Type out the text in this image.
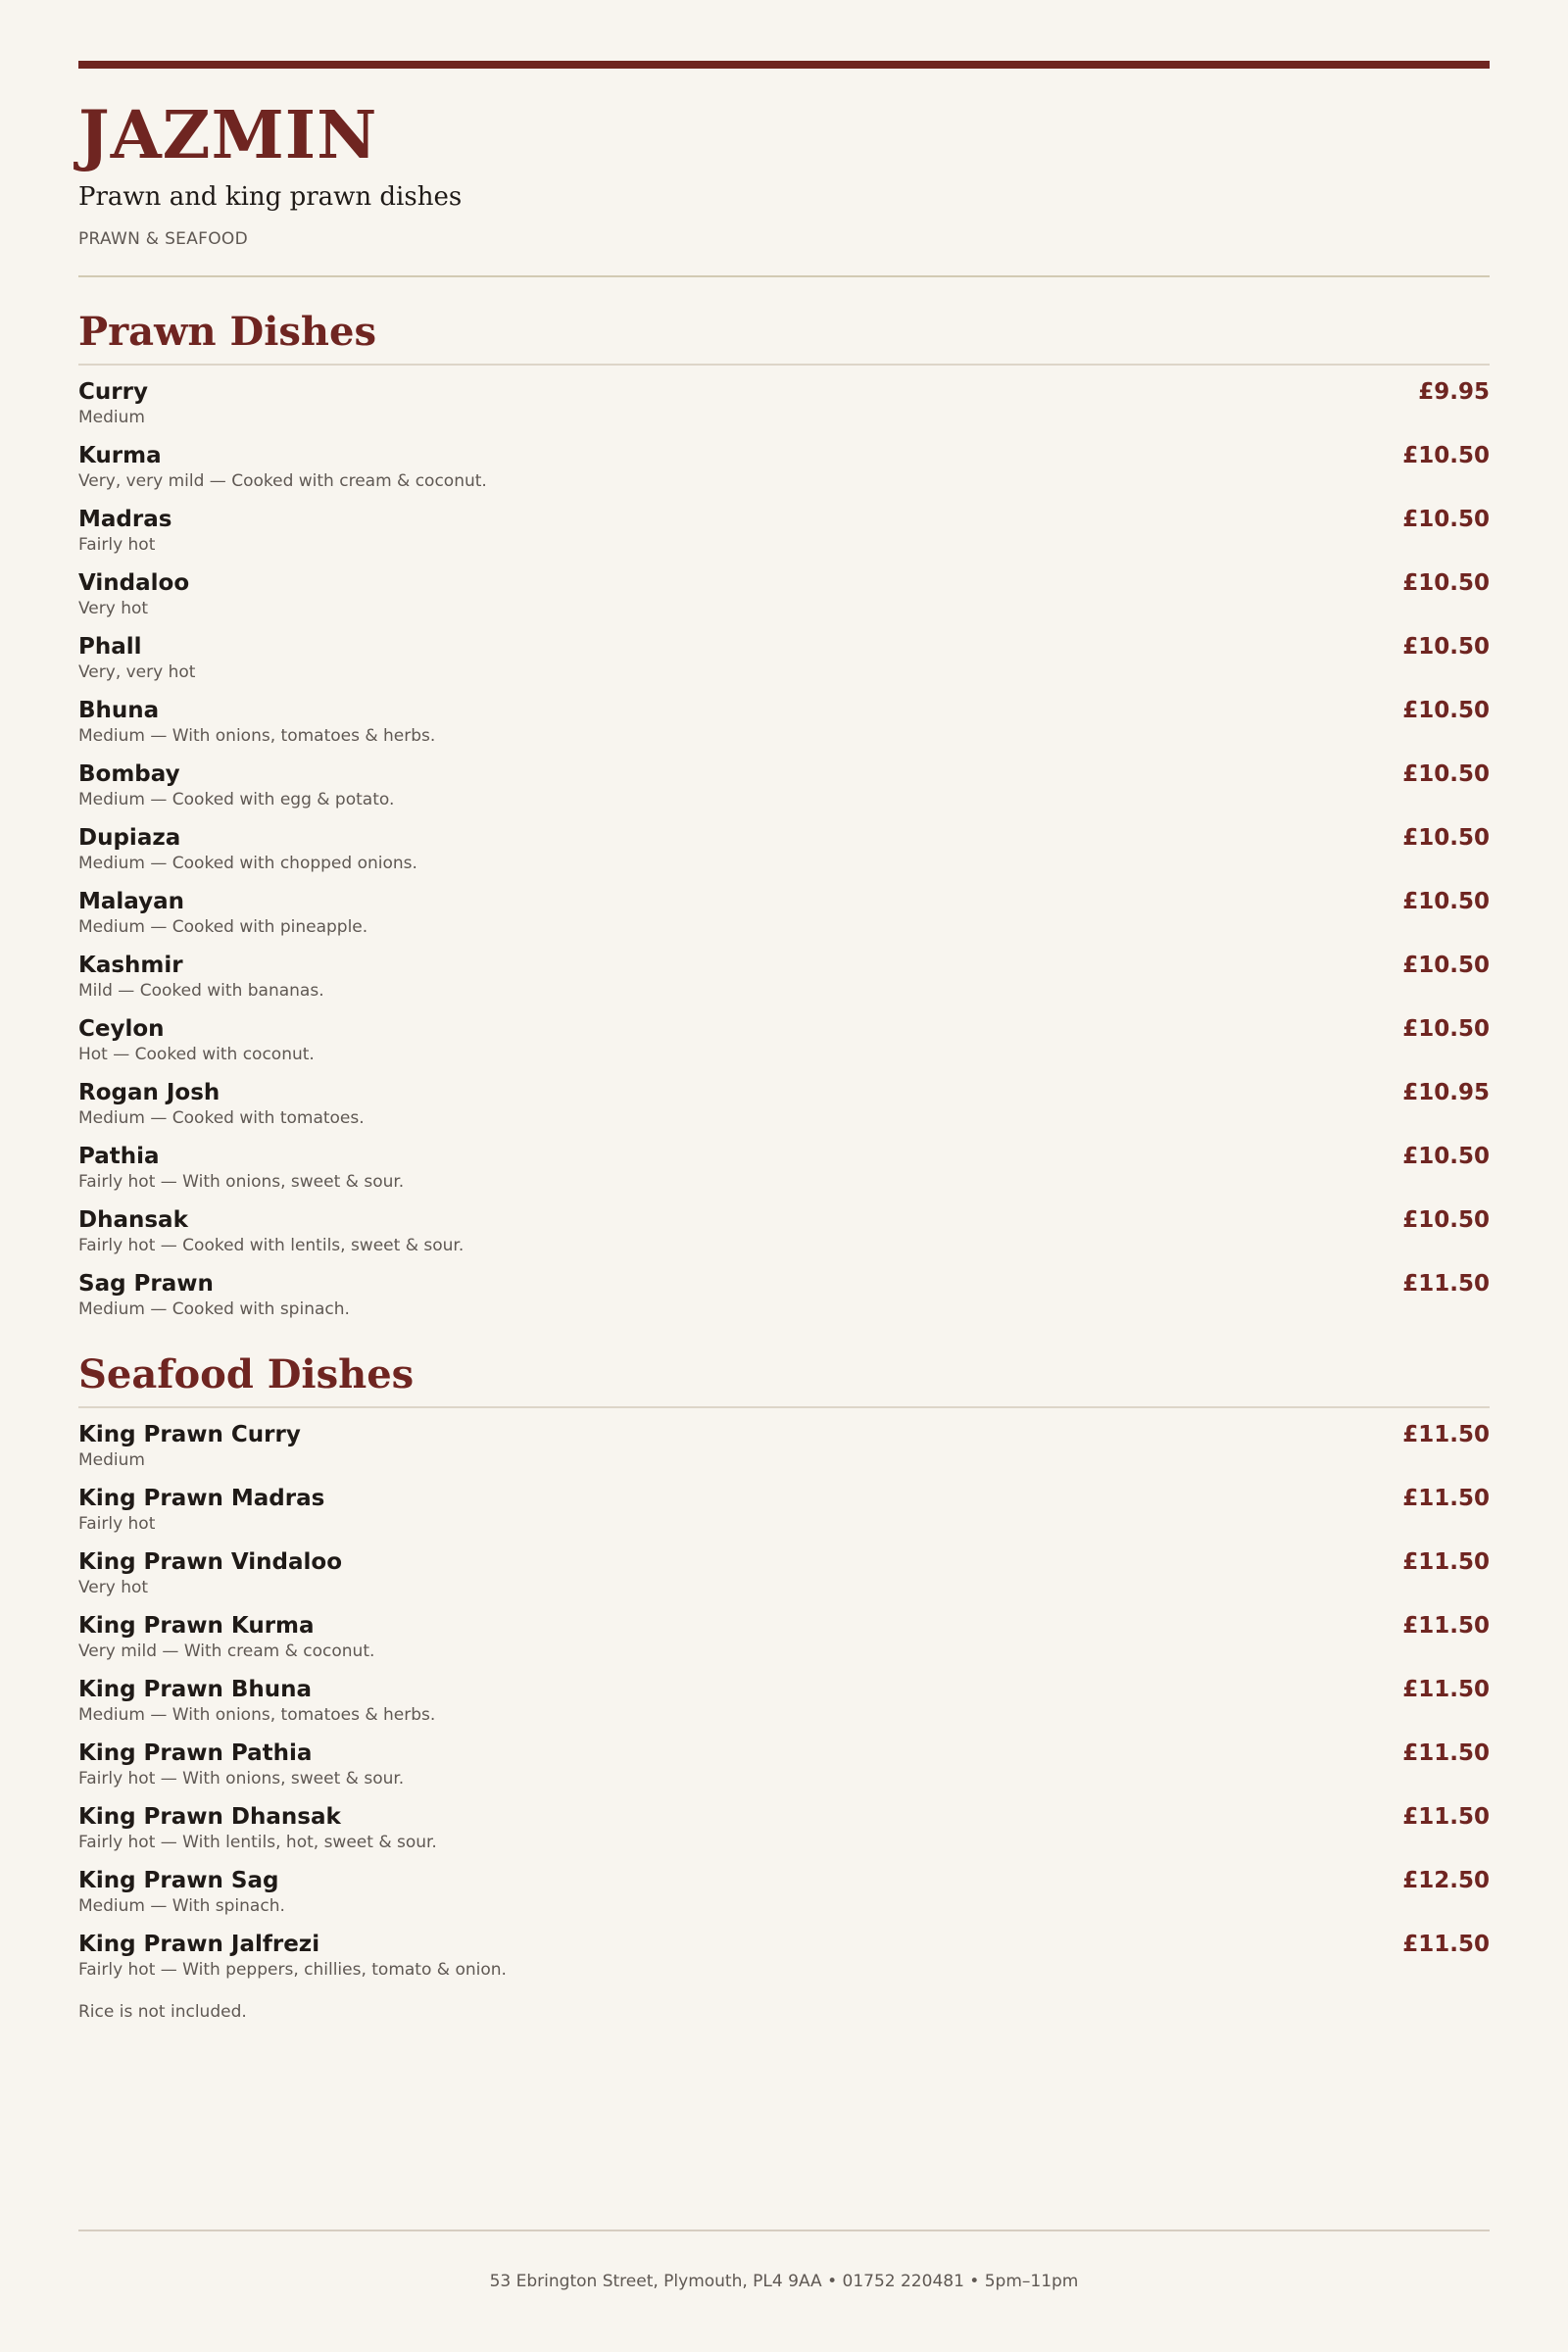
JAZMIN
Prawn and king prawn dishes
PRAWN & SEAFOOD
Prawn Dishes
Curry
Medium
£9.95
Kurma
Very, very mild — Cooked with cream & coconut.
£10.50
Madras
Fairly hot
£10.50
Vindaloo
Very hot
£10.50
Phall
Very, very hot
£10.50
Bhuna
Medium — With onions, tomatoes & herbs.
£10.50
Bombay
Medium — Cooked with egg & potato.
£10.50
Dupiaza
Medium — Cooked with chopped onions.
£10.50
Malayan
Medium — Cooked with pineapple.
£10.50
Kashmir
Mild — Cooked with bananas.
£10.50
Ceylon
Hot — Cooked with coconut.
£10.50
Rogan Josh
Medium — Cooked with tomatoes.
£10.95
Pathia
Fairly hot — With onions, sweet & sour.
£10.50
Dhansak
Fairly hot — Cooked with lentils, sweet & sour.
£10.50
Sag Prawn
Medium — Cooked with spinach.
£11.50
Seafood Dishes
King Prawn Curry
Medium
£11.50
King Prawn Madras
Fairly hot
£11.50
King Prawn Vindaloo
Very hot
£11.50
King Prawn Kurma
Very mild — With cream & coconut.
£11.50
King Prawn Bhuna
Medium — With onions, tomatoes & herbs.
£11.50
King Prawn Pathia
Fairly hot — With onions, sweet & sour.
£11.50
King Prawn Dhansak
Fairly hot — With lentils, hot, sweet & sour.
£11.50
King Prawn Sag
Medium — With spinach.
£12.50
King Prawn Jalfrezi
Fairly hot — With peppers, chillies, tomato & onion.
£11.50
Rice is not included.
53 Ebrington Street, Plymouth, PL4 9AA • 01752 220481 • 5pm–11pm
